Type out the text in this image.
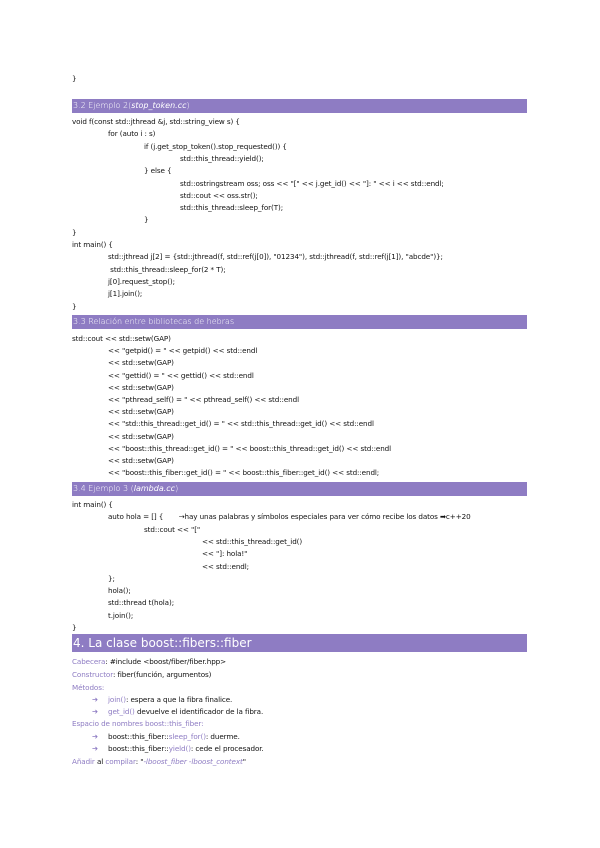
}
3.2 Ejemplo 2(stop_token.cc)
void f(const std::jthread &j, std::string_view s) {
for (auto i : s)
if (j.get_stop_token().stop_requested()) {
std::this_thread::yield();
} else {
std::ostringstream oss; oss << "[" << j.get_id() << "]: " << i << std::endl;
std::cout << oss.str();
std::this_thread::sleep_for(T);
}
}
int main() {
std::jthread j[2] = {std::jthread(f, std::ref(j[0]), "01234"), std::jthread(f, std::ref(j[1]), "abcde")};
std::this_thread::sleep_for(2 * T);
j[0].request_stop();
j[1].join();
}
3.3 Relación entre bibliotecas de hebras
std::cout << std::setw(GAP)
<< "getpid() = " << getpid() << std::endl
<< std::setw(GAP)
<< "gettid() = " << gettid() << std::endl
<< std::setw(GAP)
<< "pthread_self() = " << pthread_self() << std::endl
<< std::setw(GAP)
<< "std::this_thread::get_id() = " << std::this_thread::get_id() << std::endl
<< std::setw(GAP)
<< "boost::this_thread::get_id() = " << boost::this_thread::get_id() << std::endl
<< std::setw(GAP)
<< "boost::this_fiber::get_id() = " << boost::this_fiber::get_id() << std::endl;
3.4 Ejemplo 3 (lambda.cc)
int main() {
auto hola = [] {       →hay unas palabras y símbolos especiales para ver cómo recibe los datos ➡c++20
std::cout << "["
<< std::this_thread::get_id()
<< "]: hola!"
<< std::endl;
};
hola();
std::thread t(hola);
t.join();
}
4. La clase boost::fibers::fiber
Cabecera: #include <boost/fiber/fiber.hpp>
Constructor: fiber(función, argumentos)
Métodos:
➔ join(): espera a que la fibra finalice.
➔ get_id() devuelve el identificador de la fibra.
Espacio de nombres boost::this_fiber:
➔ boost::this_fiber::sleep_for(): duerme.
➔ boost::this_fiber::yield(): cede el procesador.
Añadir al compilar: "-lboost_fiber -lboost_context"
